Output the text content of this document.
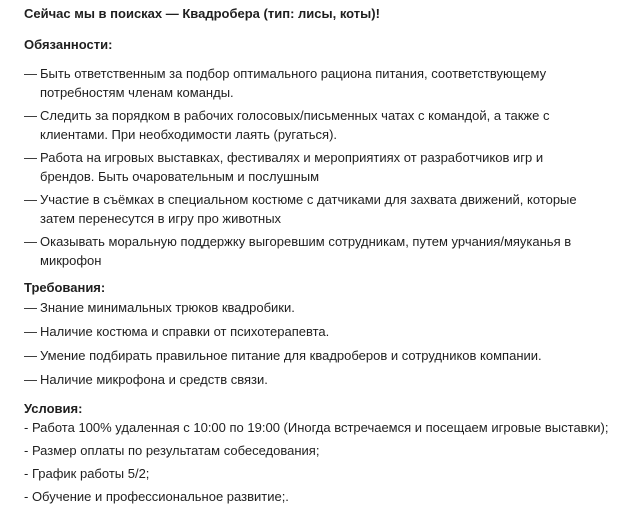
Сейчас мы в поисках — Квадробера (тип: лисы, коты)!

Обязанности:

— Быть ответственным за подбор оптимального рациона питания, соответствующему потребностям членам команды.
— Следить за порядком в рабочих голосовых/письменных чатах с командой, а также с клиентами. При необходимости лаять (ругаться).
— Работа на игровых выставках, фестивалях и мероприятиях от разработчиков игр и брендов. Быть очаровательным и послушным
— Участие в съёмках в специальном костюме с датчиками для захвата движений, которые затем перенесутся в игру про животных
— Оказывать моральную поддержку выгоревшим сотрудникам, путем урчания/мяуканья в микрофон

Требования:

— Знание минимальных трюков квадробики.
— Наличие костюма и справки от психотерапевта.
— Умение подбирать правильное питание для квадроберов и сотрудников компании.
— Наличие микрофона и средств связи.

Условия:

- Работа 100% удаленная с 10:00 по 19:00 (Иногда встречаемся и посещаем игровые выставки);
- Размер оплаты по результатам собеседования;
- График работы 5/2;
- Обучение и профессиональное развитие;.
